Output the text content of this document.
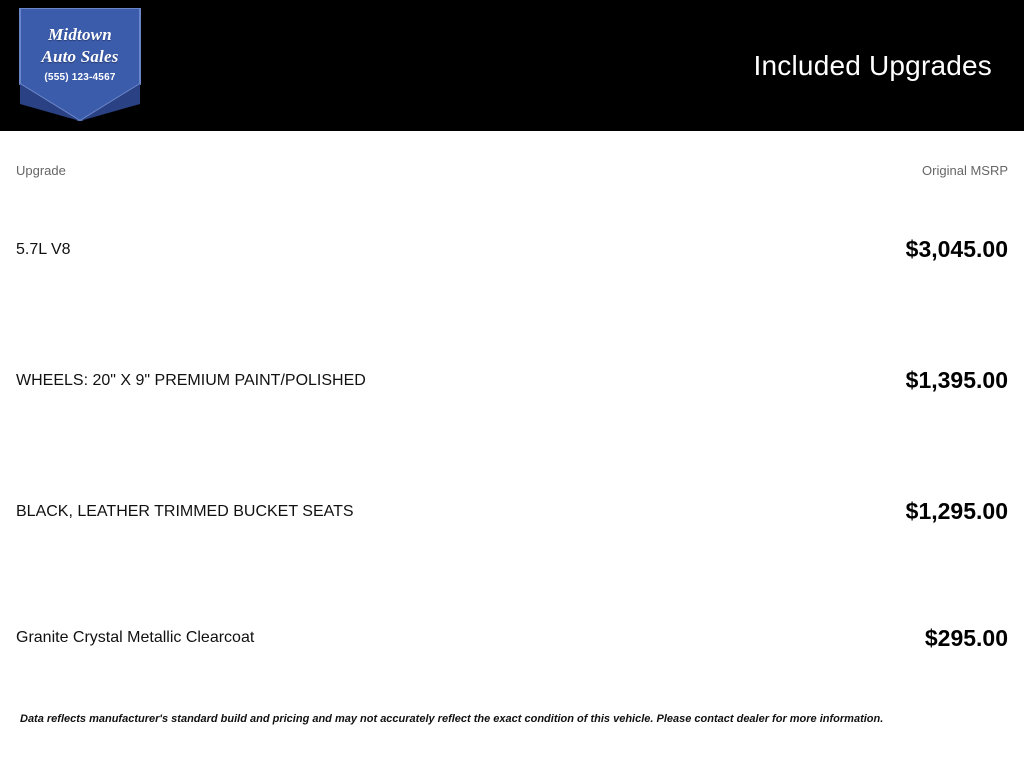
Midtown
Auto Sales
(555) 123-4567	Included Upgrades
Upgrade	Original MSRP
5.7L V8	$3,045.00
WHEELS: 20" X 9" PREMIUM PAINT/POLISHED	$1,395.00
BLACK, LEATHER TRIMMED BUCKET SEATS	$1,295.00
Granite Crystal Metallic Clearcoat	$295.00
Data reflects manufacturer's standard build and pricing and may not accurately reflect the exact condition of this vehicle. Please contact dealer for more information.
